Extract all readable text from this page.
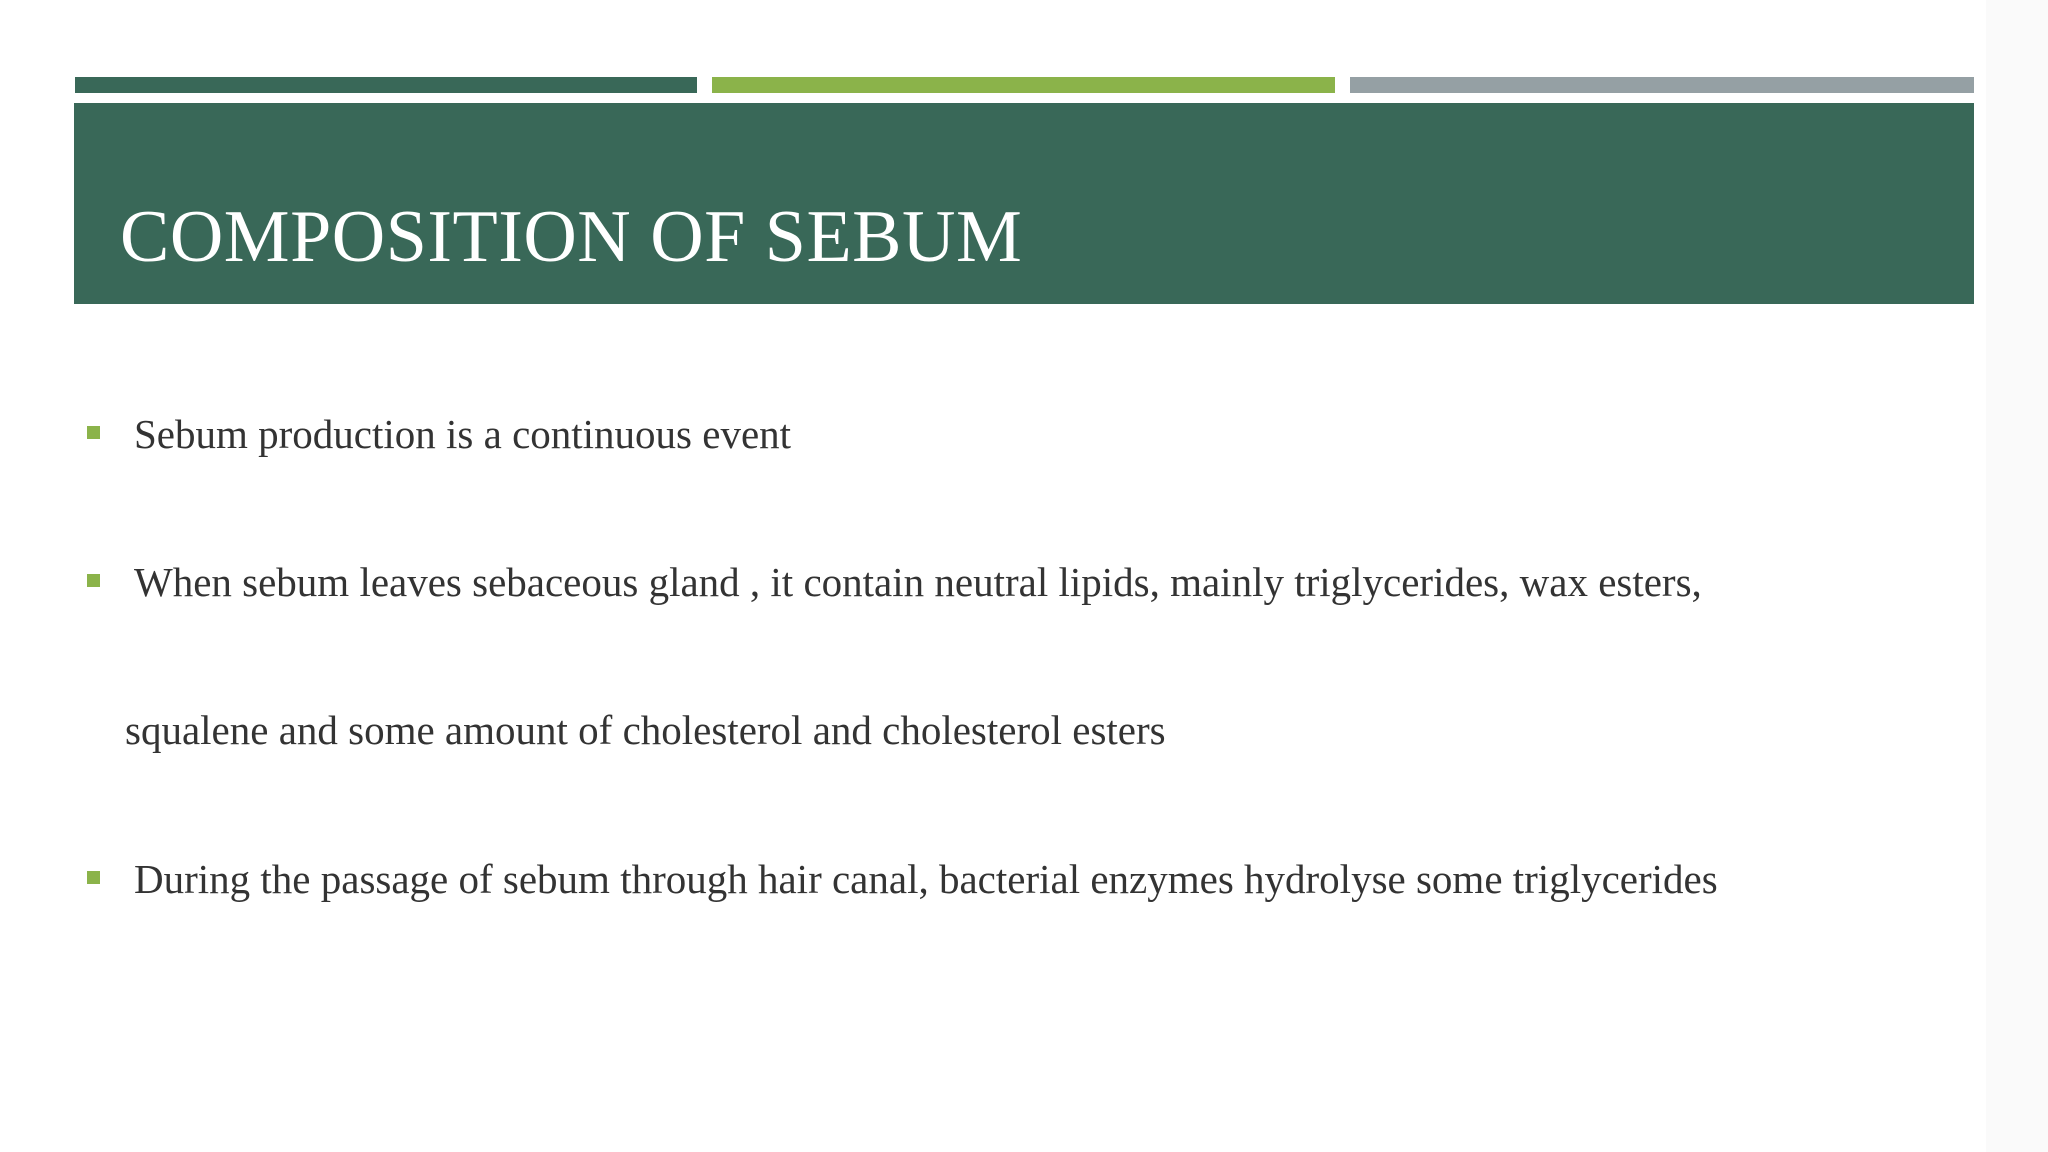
COMPOSITION OF SEBUM

Sebum production is a continuous event

When sebum leaves sebaceous gland , it contain neutral lipids, mainly triglycerides, wax esters,

squalene and some amount of cholesterol and cholesterol esters

During the passage of sebum through hair canal, bacterial enzymes hydrolyse some triglycerides
